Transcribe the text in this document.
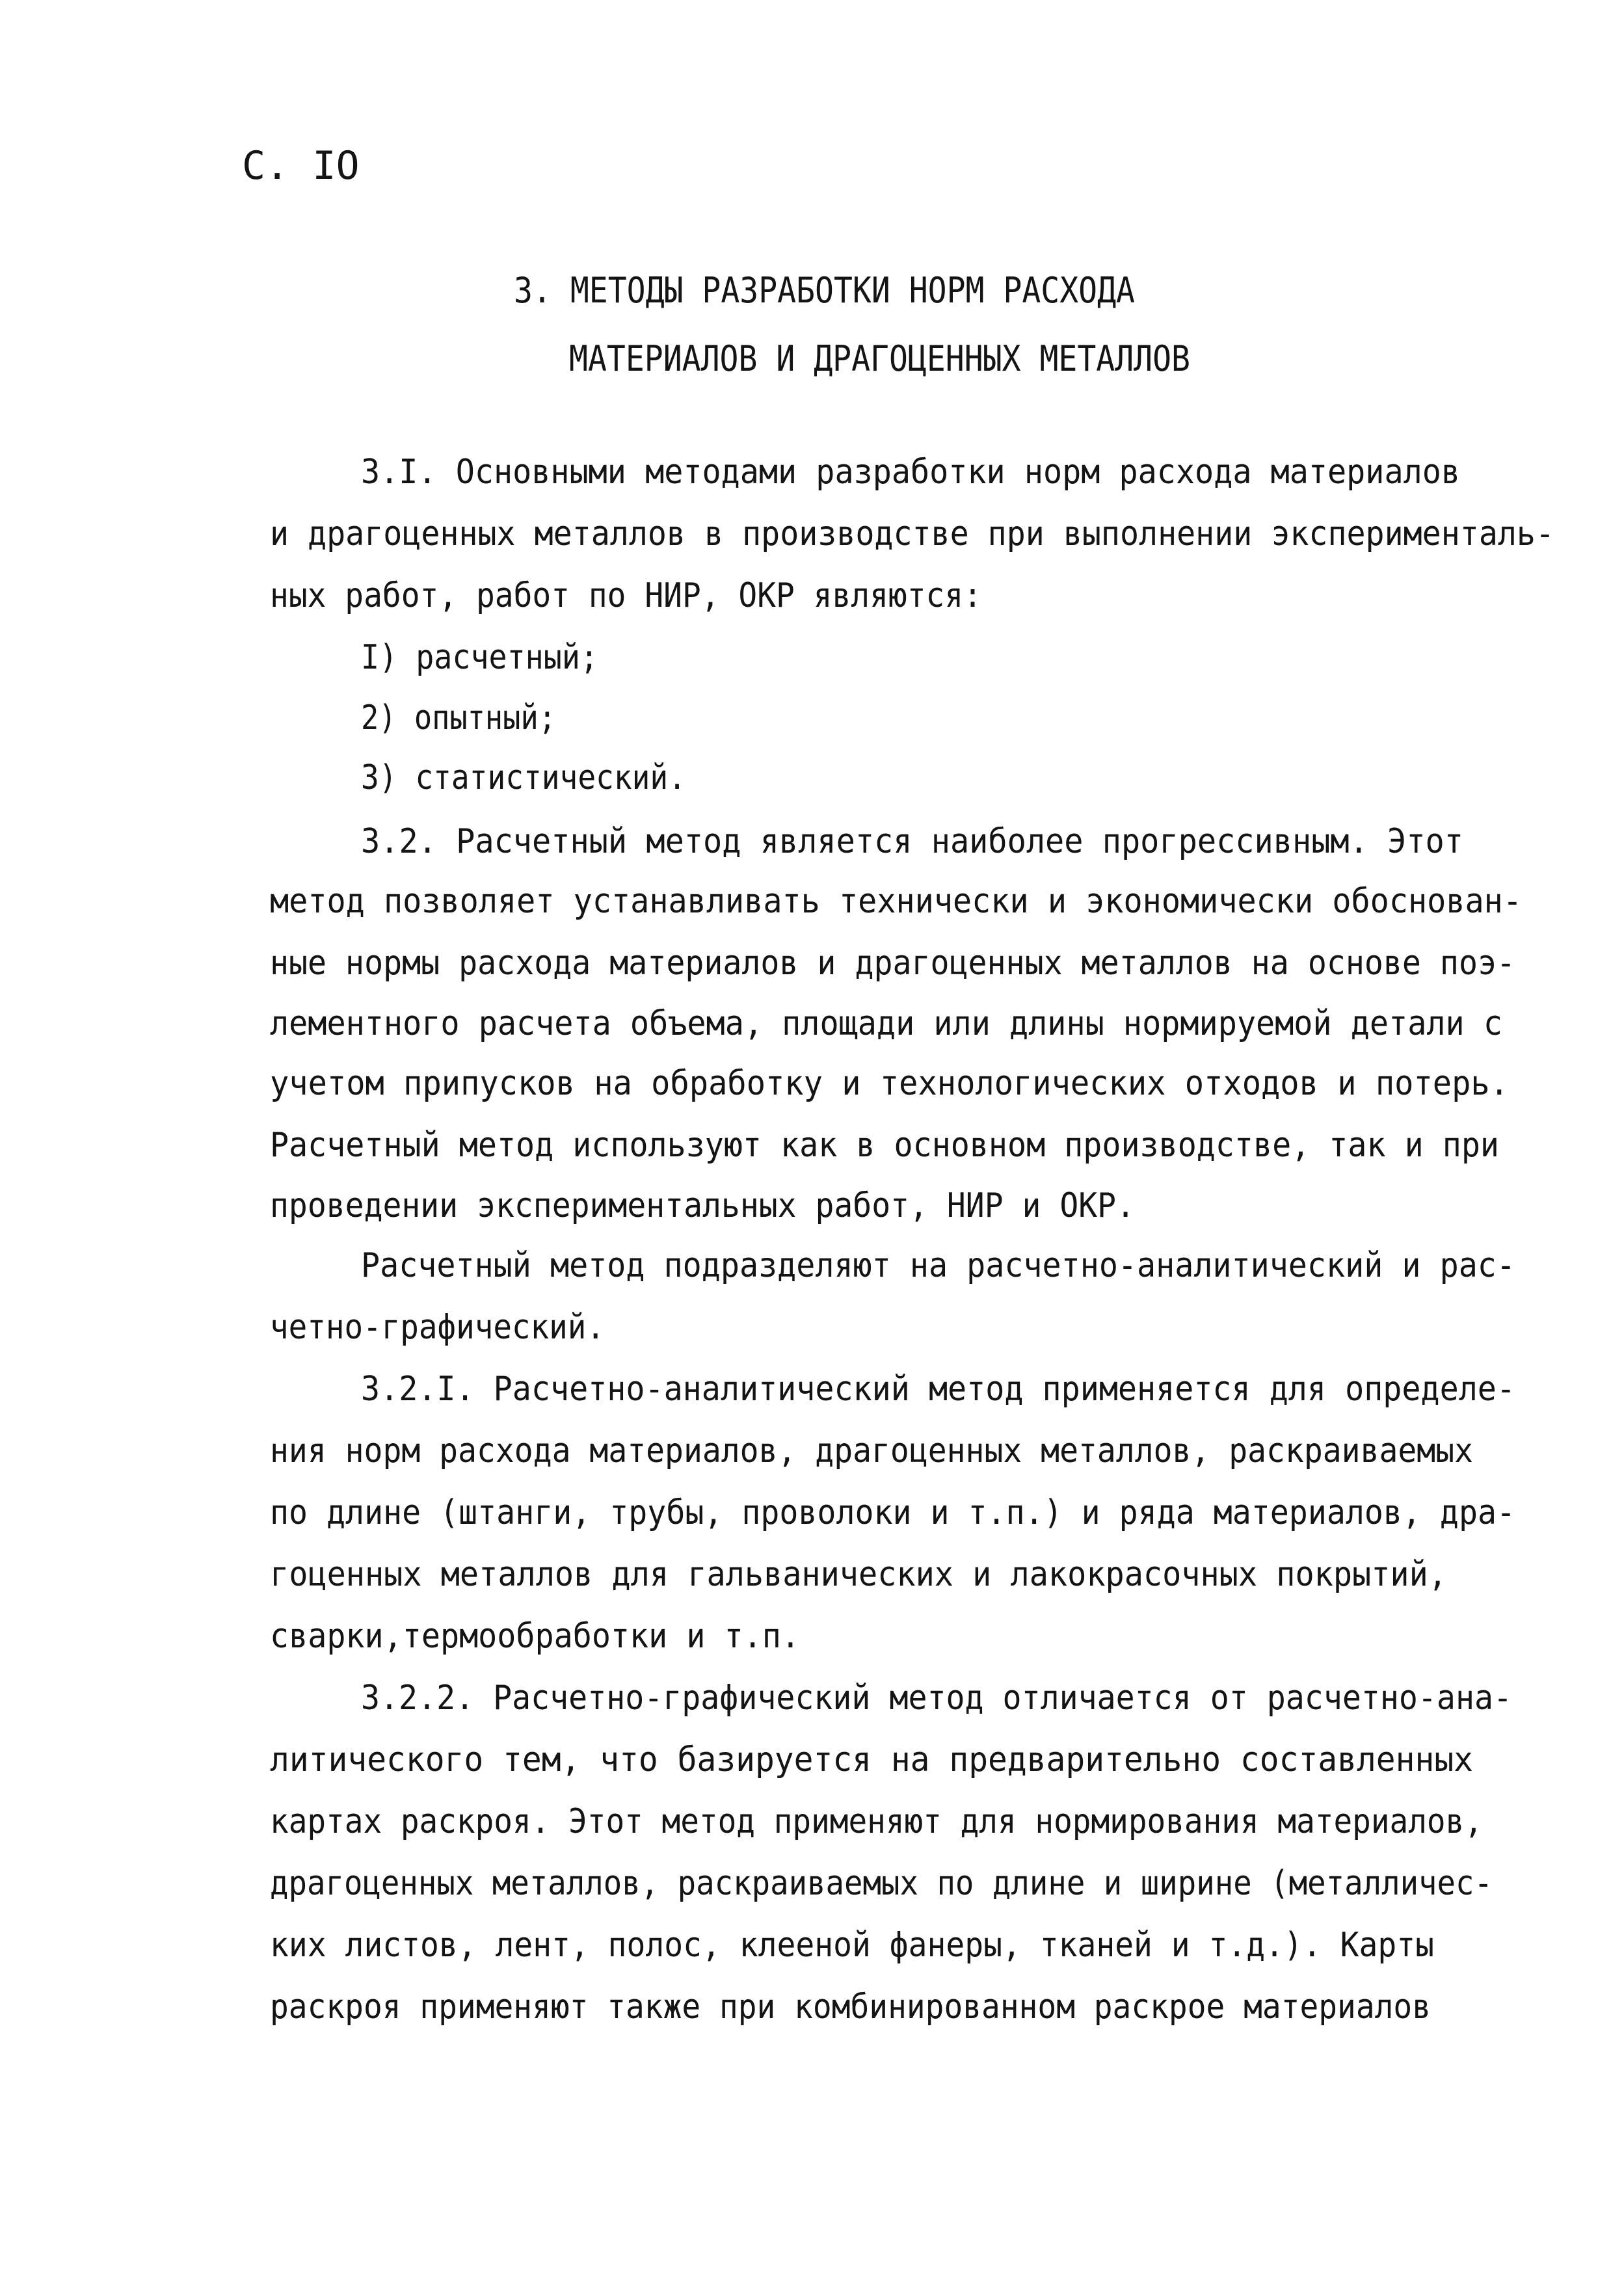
С. IO
3. МЕТОДЫ РАЗРАБОТКИ НОРМ РАСХОДА
МАТЕРИАЛОВ И ДРАГОЦЕННЫХ МЕТАЛЛОВ
3.I. Основными методами разработки норм расхода материалов
и драгоценных металлов в производстве при выполнении эксперименталь-
ных работ, работ по НИР, ОКР являются:
I) расчетный;
2) опытный;
3) статистический.
3.2. Расчетный метод является наиболее прогрессивным. Этот
метод позволяет устанавливать технически и экономически обоснован-
ные нормы расхода материалов и драгоценных металлов на основе поэ-
лементного расчета объема, площади или длины нормируемой детали с
учетом припусков на обработку и технологических отходов и потерь.
Расчетный метод используют как в основном производстве, так и при
проведении экспериментальных работ, НИР и ОКР.
Расчетный метод подразделяют на расчетно-аналитический и рас-
четно-графический.
3.2.I. Расчетно-аналитический метод применяется для определе-
ния норм расхода материалов, драгоценных металлов, раскраиваемых
по длине (штанги, трубы, проволоки и т.п.) и ряда материалов, дра-
гоценных металлов для гальванических и лакокрасочных покрытий,
сварки,термообработки и т.п.
3.2.2. Расчетно-графический метод отличается от расчетно-ана-
литического тем, что базируется на предварительно составленных
картах раскроя. Этот метод применяют для нормирования материалов,
драгоценных металлов, раскраиваемых по длине и ширине (металличес-
ких листов, лент, полос, клееной фанеры, тканей и т.д.). Карты
раскроя применяют также при комбинированном раскрое материалов
